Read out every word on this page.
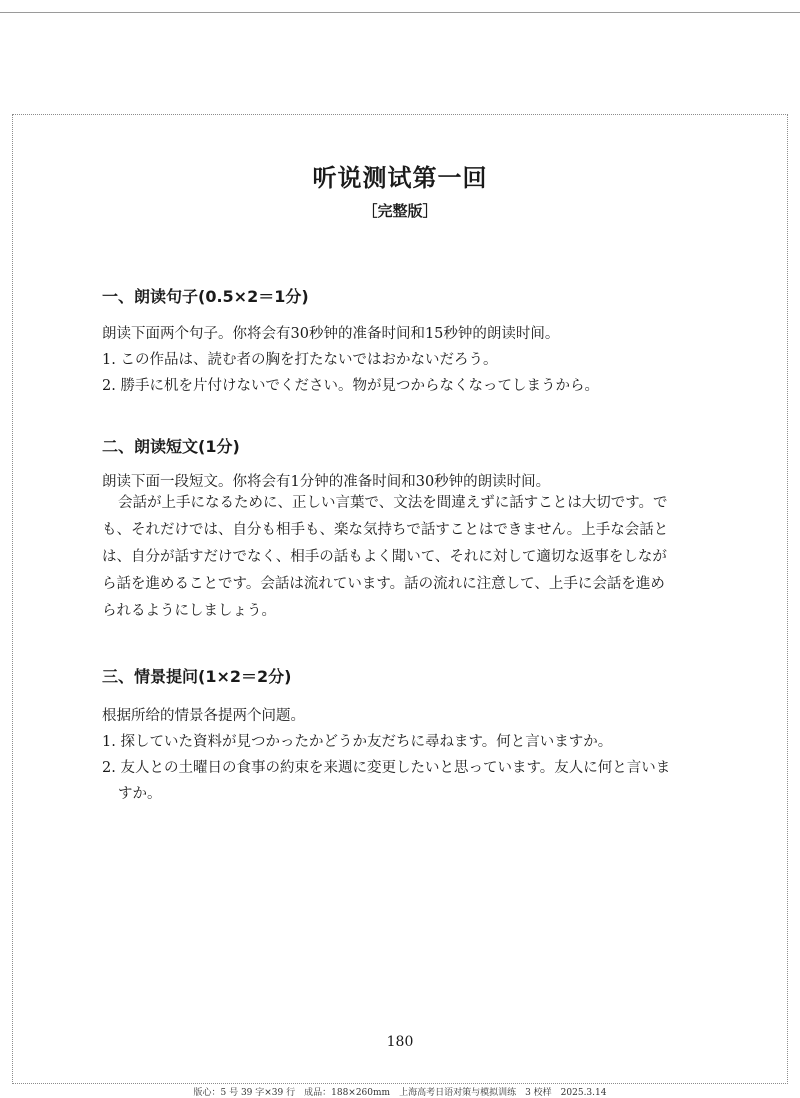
听说测试第一回
［完整版］
一、朗读句子(0.5×2＝1分)
朗读下面两个句子。你将会有30秒钟的准备时间和15秒钟的朗读时间。
1. この作品は、読む者の胸を打たないではおかないだろう。
2. 勝手に机を片付けないでください。物が見つからなくなってしまうから。
二、朗读短文(1分)
朗读下面一段短文。你将会有1分钟的准备时间和30秒钟的朗读时间。
会話が上手になるために、正しい言葉で、文法を間違えずに話すことは大切です。で
も、それだけでは、自分も相手も、楽な気持ちで話すことはできません。上手な会話と
は、自分が話すだけでなく、相手の話もよく聞いて、それに対して適切な返事をしなが
ら話を進めることです。会話は流れています。話の流れに注意して、上手に会話を進め
られるようにしましょう。
三、情景提问(1×2＝2分)
根据所给的情景各提两个问题。
1. 探していた資料が見つかったかどうか友だちに尋ねます。何と言いますか。
2. 友人との土曜日の食事の約束を来週に変更したいと思っています。友人に何と言いま
すか。
180
版心：5 号 39 字×39 行　成品：188×260mm　上海高考日语对策与模拟训练　3 校样　2025.3.14
